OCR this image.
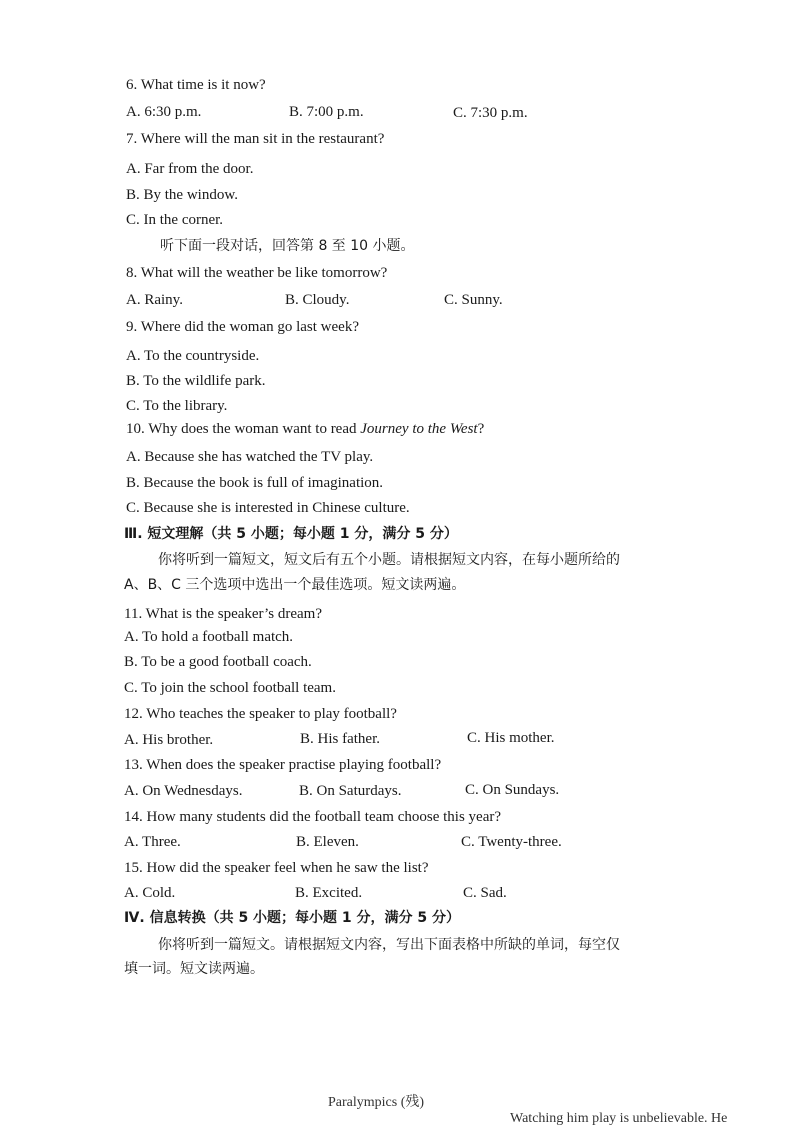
6. What time is it now?
A. 6:30 p.m.	B. 7:00 p.m.	C. 7:30 p.m.
7. Where will the man sit in the restaurant?
A. Far from the door.
B. By the window.
C. In the corner.
听下面一段对话，回答第 8 至 10 小题。
8. What will the weather be like tomorrow?
A. Rainy.	B. Cloudy.	C. Sunny.
9. Where did the woman go last week?
A. To the countryside.
B. To the wildlife park.
C. To the library.
10. Why does the woman want to read Journey to the West?
A. Because she has watched the TV play.
B. Because the book is full of imagination.
C. Because she is interested in Chinese culture.
Ⅲ. 短文理解（共 5 小题；每小题 1 分，满分 5 分）
你将听到一篇短文，短文后有五个小题。请根据短文内容，在每小题所给的
A、B、C 三个选项中选出一个最佳选项。短文读两遍。
11. What is the speaker’s dream?
A. To hold a football match.
B. To be a good football coach.
C. To join the school football team.
12. Who teaches the speaker to play football?
A. His brother.	B. His father.	C. His mother.
13. When does the speaker practise playing football?
A. On Wednesdays.	B. On Saturdays.	C. On Sundays.
14. How many students did the football team choose this year?
A. Three.	B. Eleven.	C. Twenty-three.
15. How did the speaker feel when he saw the list?
A. Cold.	B. Excited.	C. Sad.
Ⅳ. 信息转换（共 5 小题；每小题 1 分，满分 5 分）
你将听到一篇短文。请根据短文内容，写出下面表格中所缺的单词，每空仅
填一词。短文读两遍。
Paralympics (残)
Watching him play is unbelievable. He
